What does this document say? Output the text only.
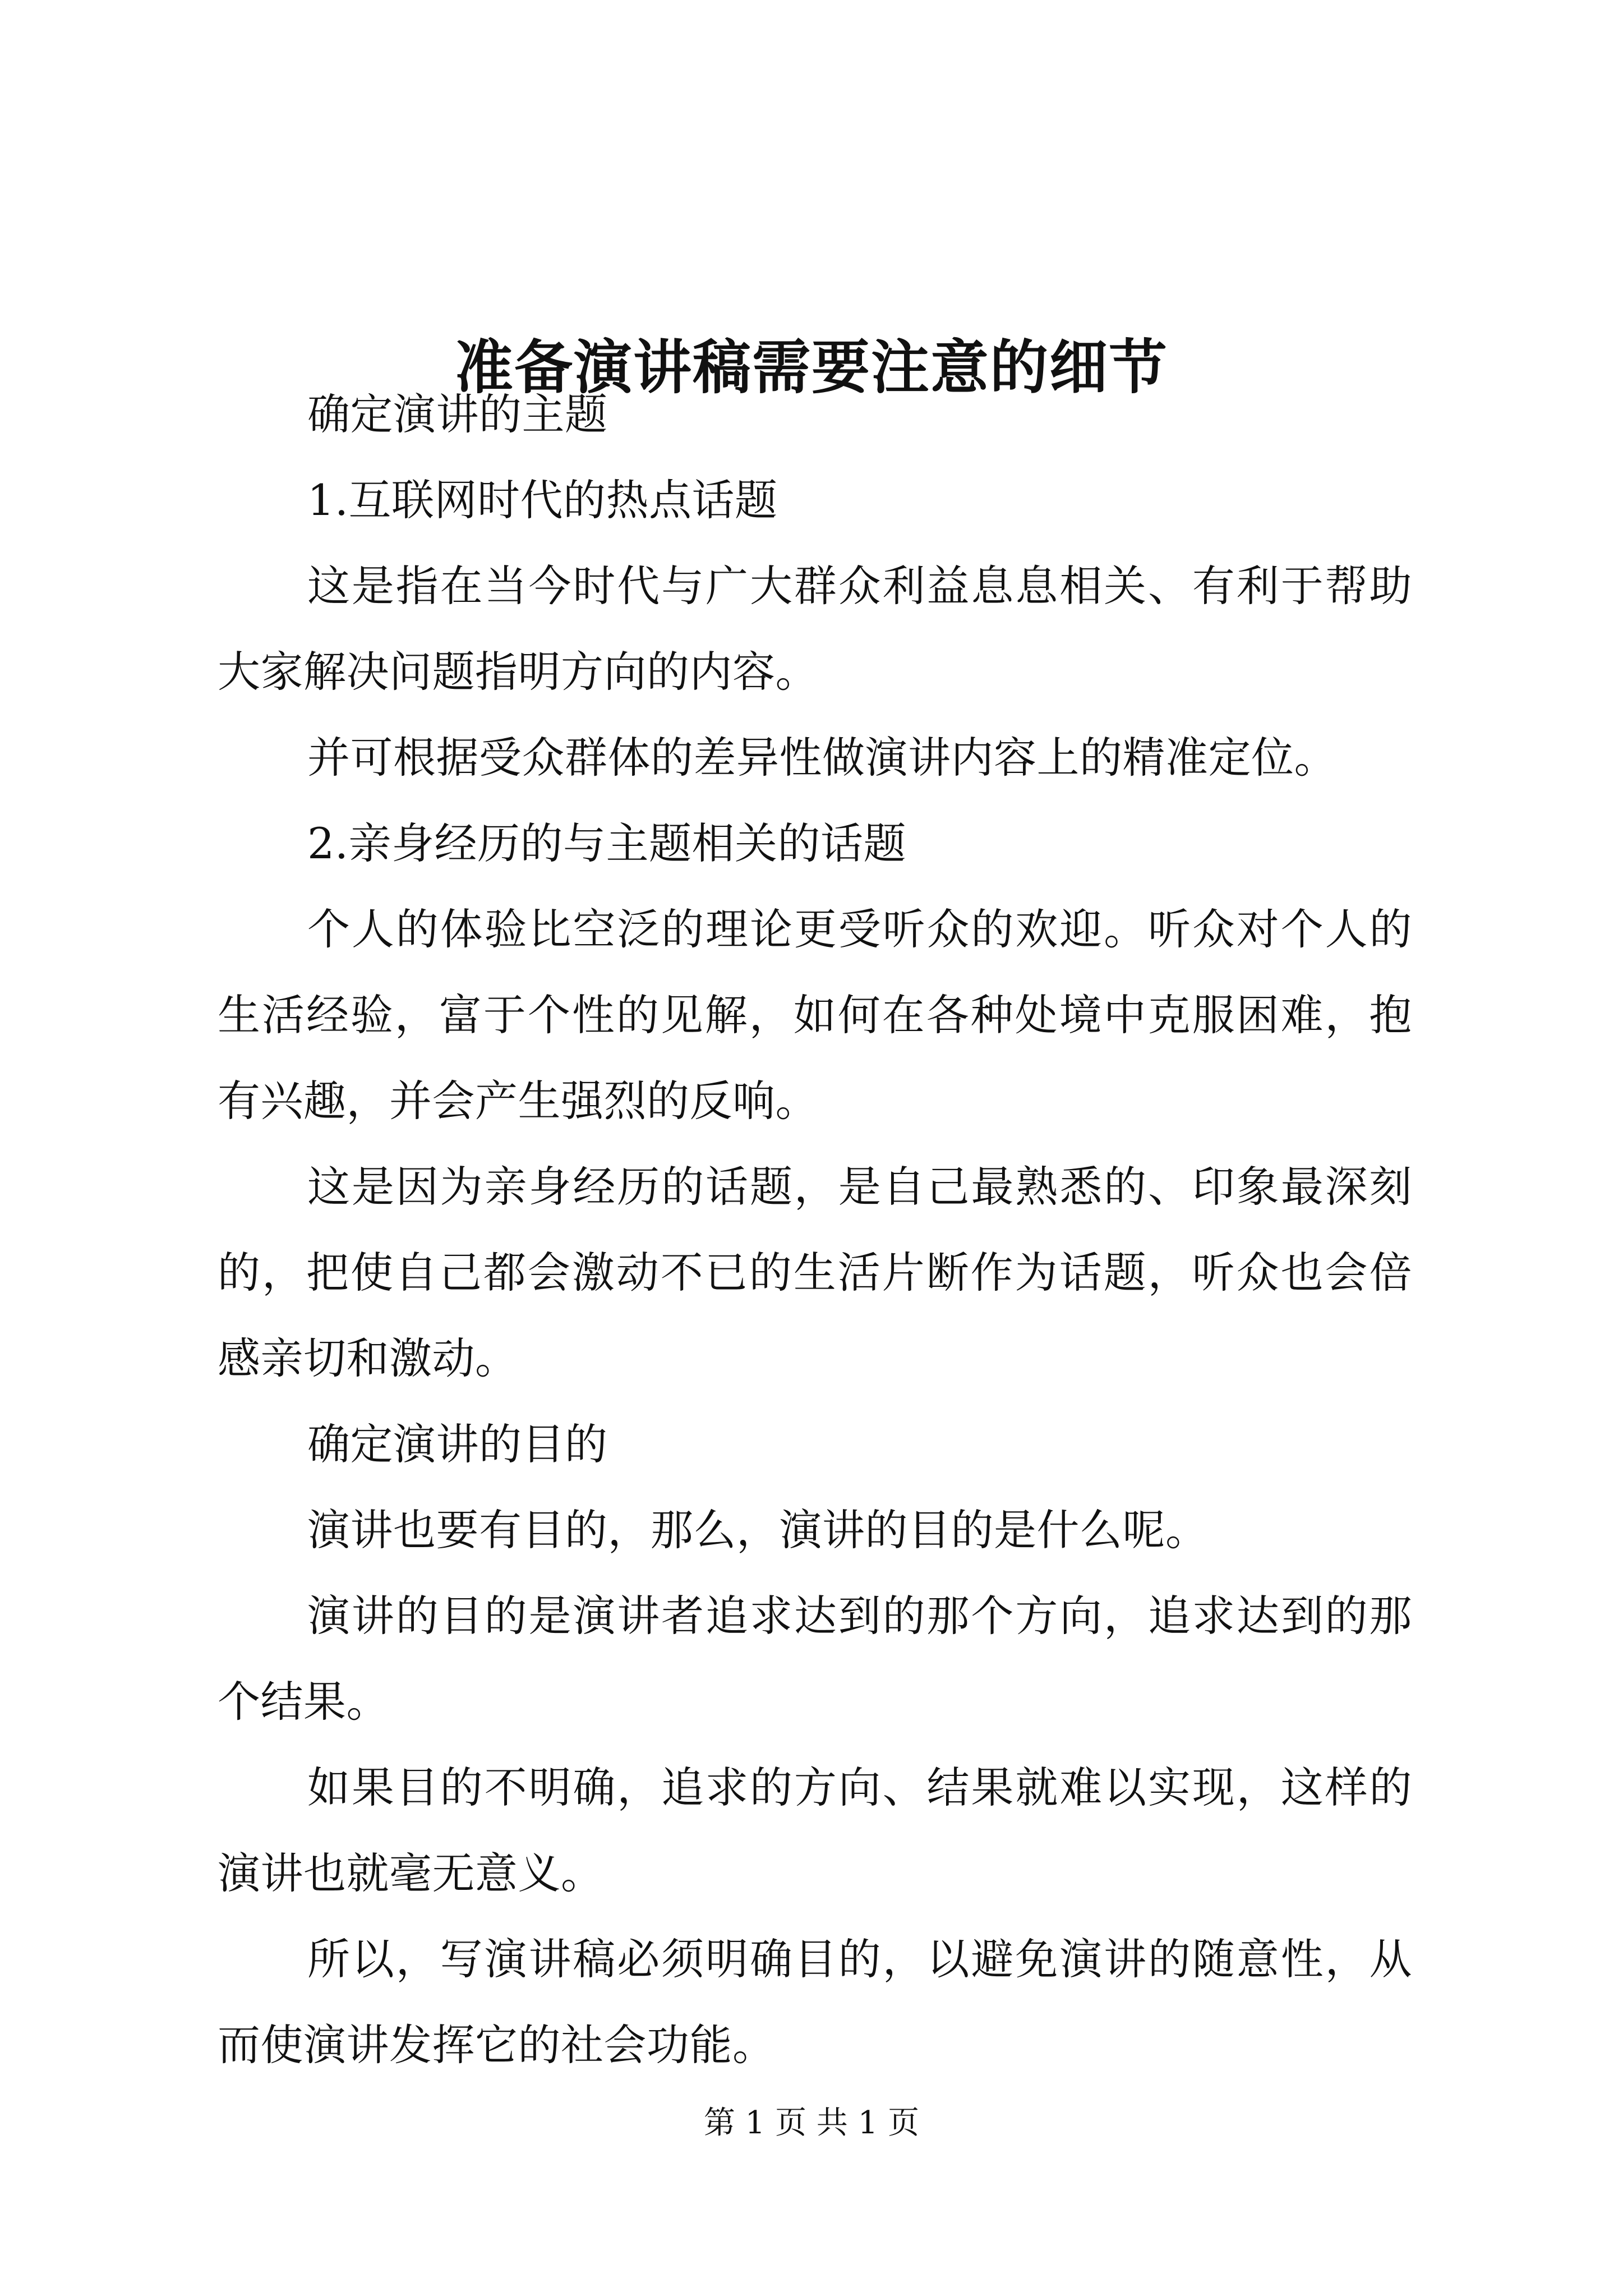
准备演讲稿需要注意的细节

确定演讲的主题

1.互联网时代的热点话题

这是指在当今时代与广大群众利益息息相关、有利于帮助大家解决问题指明方向的内容。

并可根据受众群体的差异性做演讲内容上的精准定位。

2.亲身经历的与主题相关的话题

个人的体验比空泛的理论更受听众的欢迎。听众对个人的生活经验，富于个性的见解，如何在各种处境中克服困难，抱有兴趣，并会产生强烈的反响。

这是因为亲身经历的话题，是自己最熟悉的、印象最深刻的，把使自己都会激动不已的生活片断作为话题，听众也会倍感亲切和激动。

确定演讲的目的

演讲也要有目的，那么，演讲的目的是什么呢。

演讲的目的是演讲者追求达到的那个方向，追求达到的那个结果。

如果目的不明确，追求的方向、结果就难以实现，这样的演讲也就毫无意义。

所以，写演讲稿必须明确目的，以避免演讲的随意性，从而使演讲发挥它的社会功能。

第 1 页 共 1 页
